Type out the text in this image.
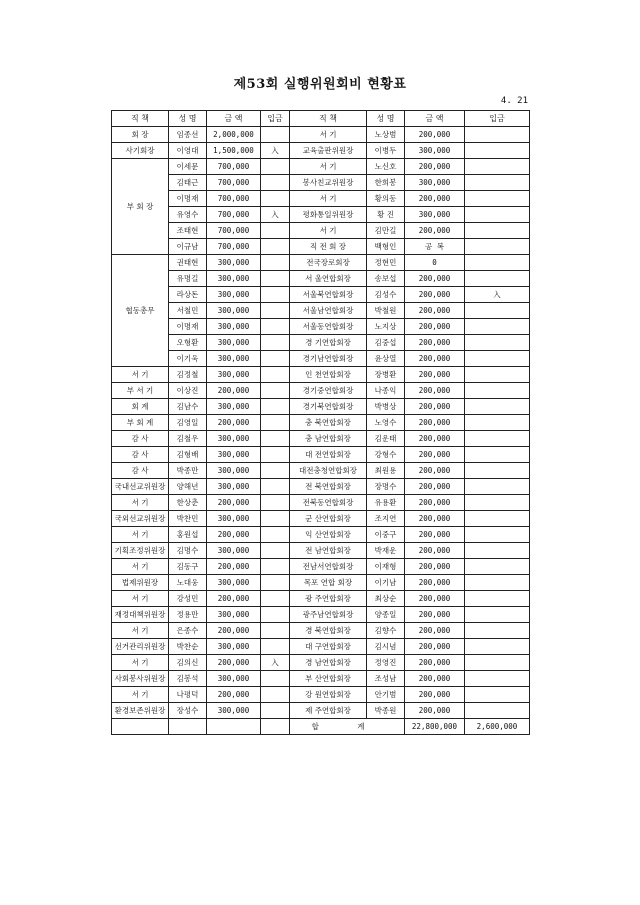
제53회 실행위원회비 현황표
4. 21
직 책	성 명	금 액	입금	직 책	성 명	금 액	입금
회 장	임종선	2,000,000		서 기	노상범	200,000	
사기회장	이영대	1,500,000	入	교육출판위원장	이병두	300,000	
부 회 장	이세문	700,000		서 기	노신호	200,000	
	김태근	700,000		봉사친교위원장	한희봉	300,000	
	이명재	700,000		서 기	황의동	200,000	
	유영수	700,000	入	평화통일위원장	황 진	300,000	
	조태현	700,000		서 기	김만길	200,000	
	이규남	700,000		직 전 회 장	백형인	공 복	
협동총무	권태현	300,000		전국장로회장	정현민	0	
	유명길	300,000		서 울연합회장	송보섭	200,000	
	라상돈	300,000		서울북연합회장	김성수	200,000	入
	서철민	300,000		서울남연합회장	박철원	200,000	
	이명재	300,000		서울동연합회장	노지상	200,000	
	오형환	300,000		경 기연합회장	김중섭	200,000	
	이기욱	300,000		경기남연합회장	윤상열	200,000	
서 기	김정철	300,000		인 천연합회장	장병환	200,000	
부 서 기	이상진	200,000		경기중연합회장	나종익	200,000	
회 계	김남수	300,000		경기북연합회장	박병상	200,000	
부 회 계	김영일	200,000		충 북연합회장	노영수	200,000	
감 사	김철우	300,000		충 남연합회장	김운태	200,000	
감 사	김형배	300,000		대 전연합회장	강형수	200,000	
감 사	박종만	300,000		대전충청연합회장	최원용	200,000	
국내선교위원장	양해년	300,000		전 북연합회장	장명수	200,000	
서 기	한상춘	200,000		전북동연합회장	유용환	200,000	
국외선교위원장	박찬민	300,000		군 산연합회장	조지연	200,000	
서 기	홍원섭	200,000		익 산연합회장	이중구	200,000	
기획조정위원장	김명수	300,000		전 남연합회장	박재운	200,000	
서 기	김동구	200,000		전남서연합회장	이재형	200,000	
법제위원장	노대웅	300,000		목포 연합 회장	이기남	200,000	
서 기	강성민	200,000		광 주연합회장	최상순	200,000	
재정대책위원장	정용만	300,000		광주남연합회장	양종일	200,000	
서 기	은종수	200,000		경 북연합회장	김향수	200,000	
선거관리위원장	박찬순	300,000		대 구연합회장	김시념	200,000	
서 기	김의신	200,000	入	경 남연합회장	정영진	200,000	
사회봉사위원장	김봉석	300,000		부 산연합회장	조성남	200,000	
서 기	나평덕	200,000		강 원연합회장	안기범	200,000	
환경보존위원장	장성수	300,000		제 주연합회장	박종원	200,000	
				합 계		22,800,000	2,600,000
